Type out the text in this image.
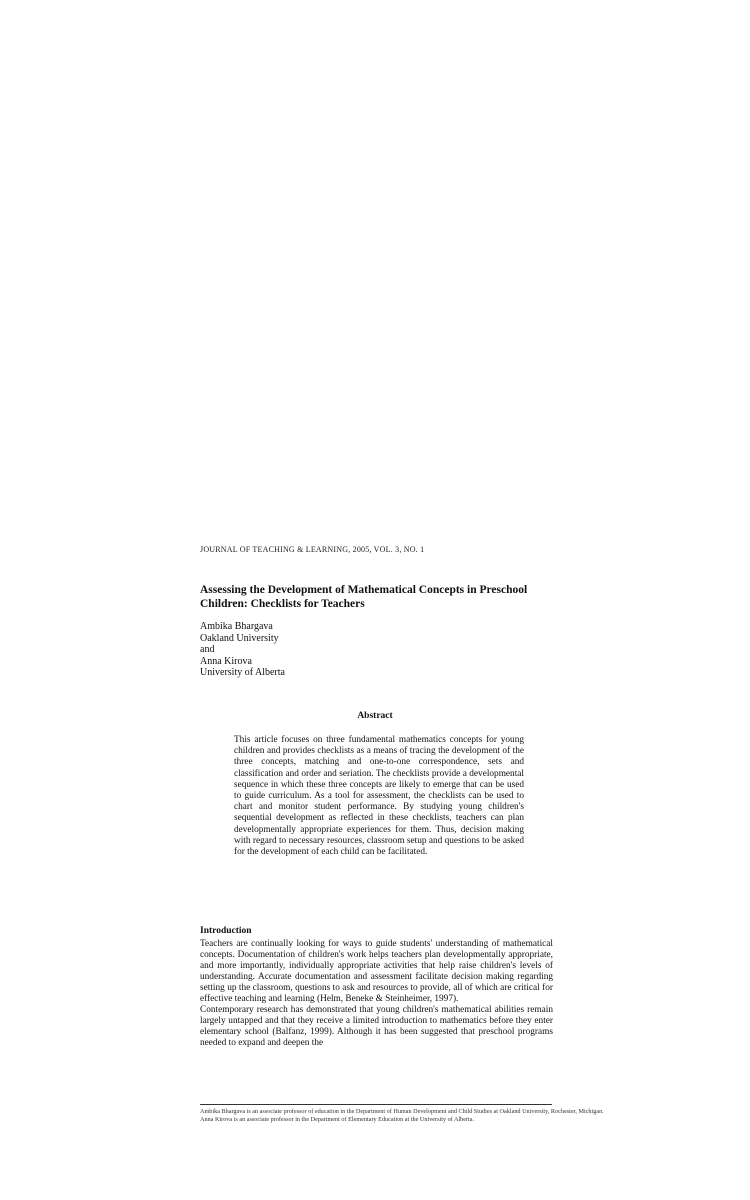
JOURNAL OF TEACHING & LEARNING, 2005, VOL. 3, NO. 1
Assessing the Development of Mathematical Concepts in Preschool Children: Checklists for Teachers
Ambika Bhargava
Oakland University
and
Anna Kirova
University of Alberta
Abstract
This article focuses on three fundamental mathematics concepts for young children and provides checklists as a means of tracing the development of the three concepts, matching and one-to-one correspondence, sets and classification and order and seriation. The checklists provide a developmental sequence in which these three concepts are likely to emerge that can be used to guide curriculum. As a tool for assessment, the checklists can be used to chart and monitor student performance. By studying young children's sequential development as reflected in these checklists, teachers can plan developmentally appropriate experiences for them. Thus, decision making with regard to necessary resources, classroom setup and questions to be asked for the development of each child can be facilitated.
Introduction

Teachers are continually looking for ways to guide students' understanding of mathematical concepts. Documentation of children's work helps teachers plan developmentally appropriate, and more importantly, individually appropriate activities that help raise children's levels of understanding. Accurate documentation and assessment facilitate decision making regarding setting up the classroom, questions to ask and resources to provide, all of which are critical for effective teaching and learning (Helm, Beneke & Steinheimer, 1997).

Contemporary research has demonstrated that young children's mathematical abilities remain largely untapped and that they receive a limited introduction to mathematics before they enter elementary school (Balfanz, 1999). Although it has been suggested that preschool programs needed to expand and deepen the

Ambika Bhargava is an associate professor of education in the Department of Human Development and Child Studies at Oakland University, Rochester, Michigan.
Anna Kirova is an associate professor in the Department of Elementary Education at the University of Alberta.
